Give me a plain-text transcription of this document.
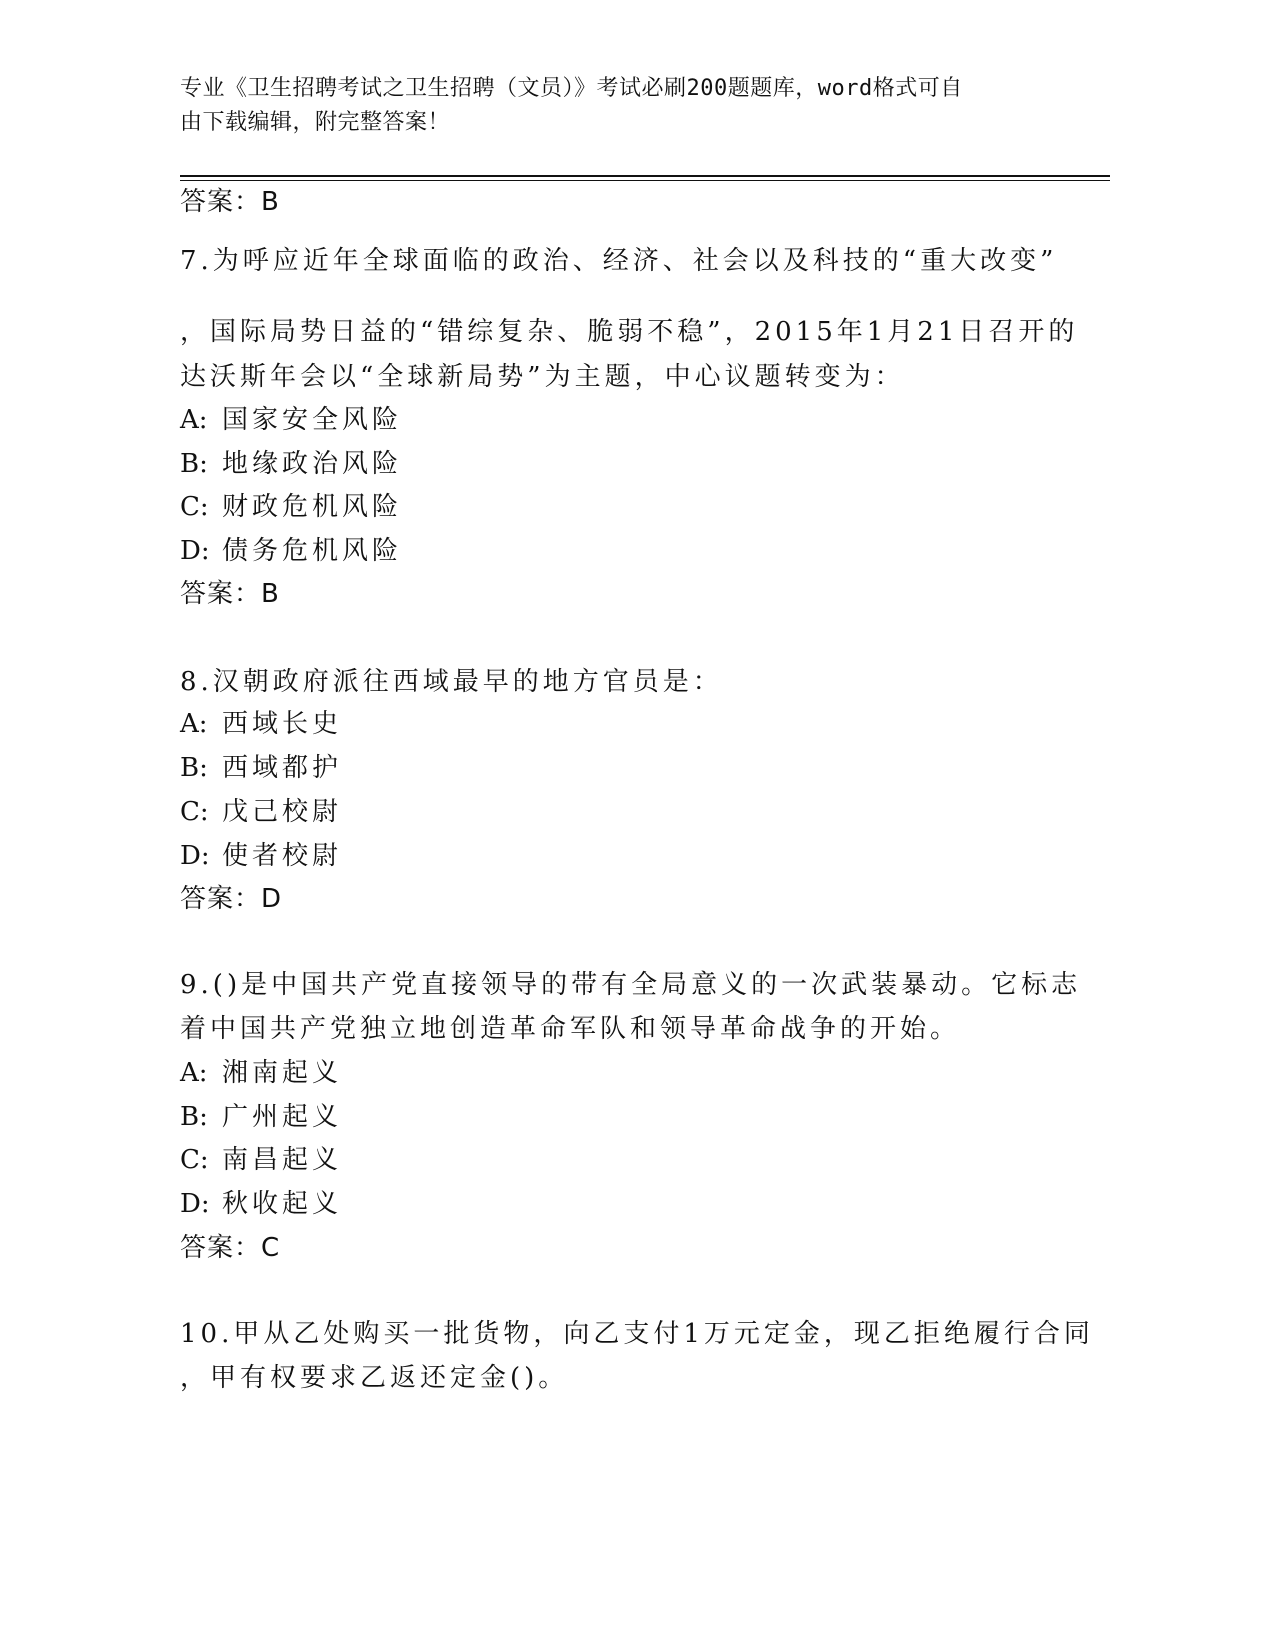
专业《卫生招聘考试之卫生招聘（文员）》考试必刷200题题库，word格式可自
由下载编辑，附完整答案！
答案：B
7.为呼应近年全球面临的政治、经济、社会以及科技的“重大改变”
，国际局势日益的“错综复杂、脆弱不稳”，2015年1月21日召开的
达沃斯年会以“全球新局势”为主题，中心议题转变为：
A: 国家安全风险
B: 地缘政治风险
C: 财政危机风险
D: 债务危机风险
答案：B
8.汉朝政府派往西域最早的地方官员是：
A: 西域长史
B: 西域都护
C: 戊己校尉
D: 使者校尉
答案：D
9.()是中国共产党直接领导的带有全局意义的一次武装暴动。它标志
着中国共产党独立地创造革命军队和领导革命战争的开始。
A: 湘南起义
B: 广州起义
C: 南昌起义
D: 秋收起义
答案：C
10.甲从乙处购买一批货物，向乙支付1万元定金，现乙拒绝履行合同
，甲有权要求乙返还定金()。
